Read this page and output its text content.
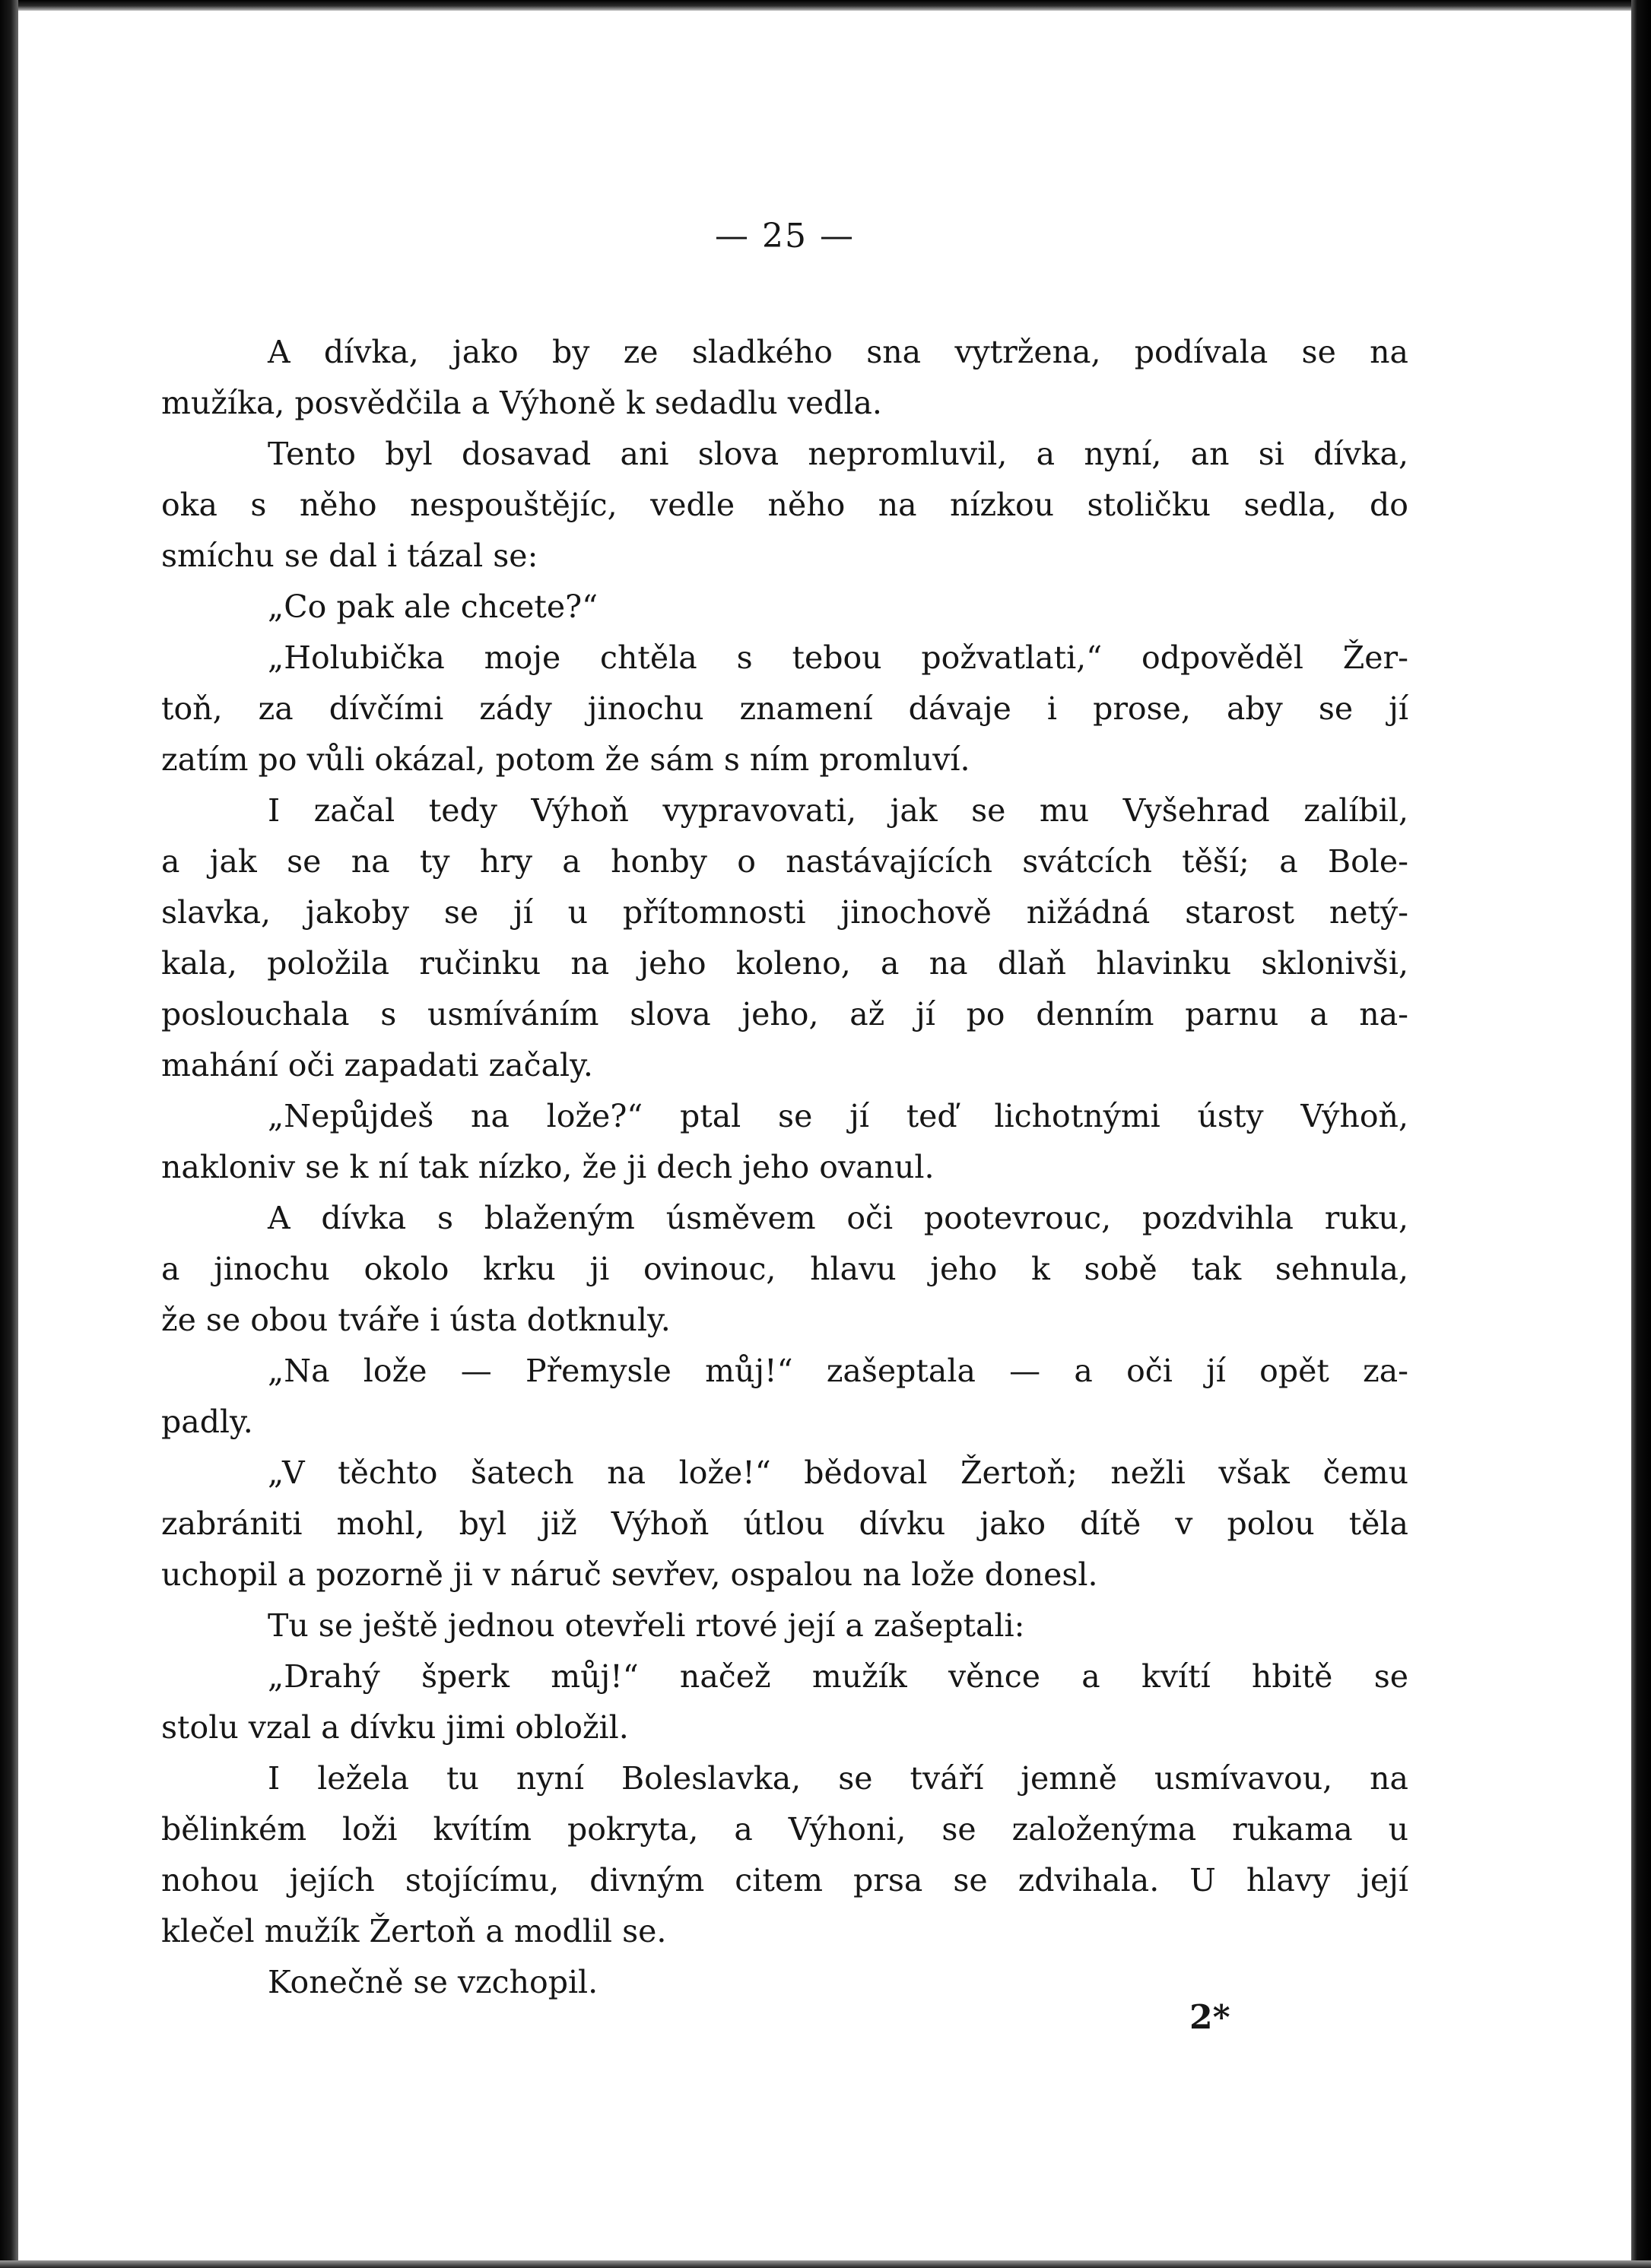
— 25 —
A dívka, jako by ze sladkého sna vytržena, podívala se na
mužíka, posvědčila a Výhoně k sedadlu vedla.
Tento byl dosavad ani slova nepromluvil, a nyní, an si dívka,
oka s něho nespouštějíc, vedle něho na nízkou stoličku sedla, do
smíchu se dal i tázal se:
„Co pak ale chcete?“
„Holubička moje chtěla s tebou požvatlati,“ odpověděl Žer-
toň, za dívčími zády jinochu znamení dávaje i prose, aby se jí
zatím po vůli okázal, potom že sám s ním promluví.
I začal tedy Výhoň vypravovati, jak se mu Vyšehrad zalíbil,
a jak se na ty hry a honby o nastávajících svátcích těší; a Bole-
slavka, jakoby se jí u přítomnosti jinochově nižádná starost netý-
kala, položila ručinku na jeho koleno, a na dlaň hlavinku sklonivši,
poslouchala s usmíváním slova jeho, až jí po denním parnu a na-
mahání oči zapadati začaly.
„Nepůjdeš na lože?“ ptal se jí teď lichotnými ústy Výhoň,
nakloniv se k ní tak nízko, že ji dech jeho ovanul.
A dívka s blaženým úsměvem oči pootevrouc, pozdvihla ruku,
a jinochu okolo krku ji ovinouc, hlavu jeho k sobě tak sehnula,
že se obou tváře i ústa dotknuly.
„Na lože — Přemysle můj!“ zašeptala — a oči jí opět za-
padly.
„V těchto šatech na lože!“ bědoval Žertoň; nežli však čemu
zabrániti mohl, byl již Výhoň útlou dívku jako dítě v polou těla
uchopil a pozorně ji v náruč sevřev, ospalou na lože donesl.
Tu se ještě jednou otevřeli rtové její a zašeptali:
„Drahý šperk můj!“ načež mužík věnce a kvítí hbitě se
stolu vzal a dívku jimi obložil.
I ležela tu nyní Boleslavka, se tváří jemně usmívavou, na
bělinkém loži kvítím pokryta, a Výhoni, se založenýma rukama u
nohou jejích stojícímu, divným citem prsa se zdvihala. U hlavy její
klečel mužík Žertoň a modlil se.
Konečně se vzchopil.
2*
